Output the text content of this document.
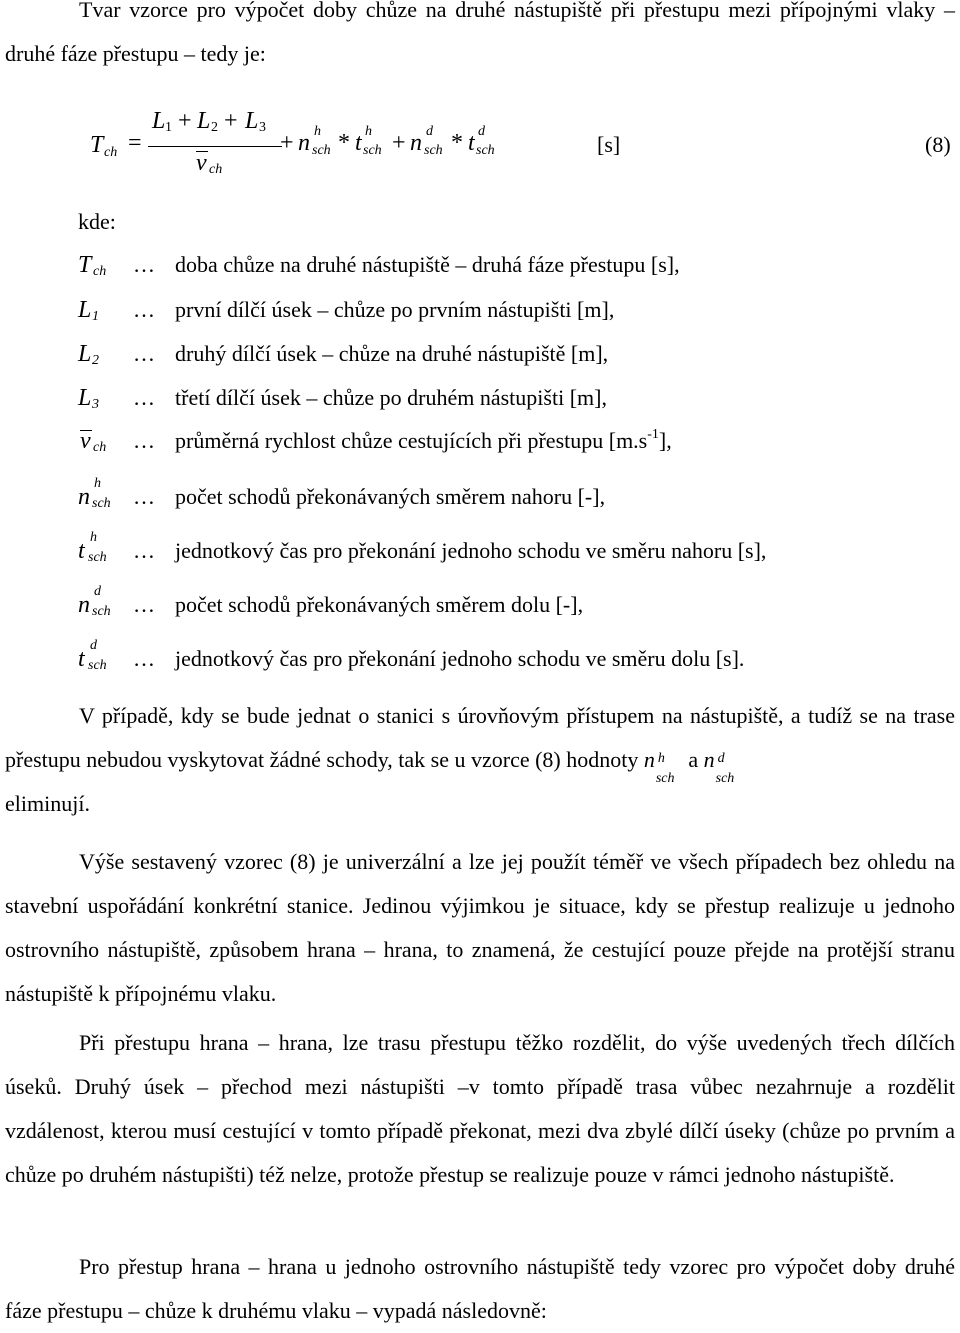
Tvar vzorce pro výpočet doby chůze na druhé nástupiště při přestupu mezi přípojnými vlaky – druhé fáze přestupu – tedy je:
T ch =
L 1 + L 2 + L 3
v ch
+ n h
sch * t h
sch + n d
sch * t d
sch	[s]	(8)
kde:
T ch … doba chůze na druhé nástupiště – druhá fáze přestupu [s],
L 1 … první dílčí úsek – chůze po prvním nástupišti [m],
L 2 … druhý dílčí úsek – chůze na druhé nástupiště [m],
L 3 … třetí dílčí úsek – chůze po druhém nástupišti [m],
v ch … průměrná rychlost chůze cestujících při přestupu $[m.s^{-1}]$,
n
h
sch … počet schodů překonávaných směrem nahoru [-],
t
h
sch … jednotkový čas pro překonání jednoho schodu ve směru nahoru [s],
n
d
sch … počet schodů překonávaných směrem dolu [-],
t
d
sch … jednotkový čas pro překonání jednoho schodu ve směru dolu [s].
V případě, kdy se bude jednat o stanici s úrovňovým přístupem na nástupiště, a tudíž se na trase přestupu nebudou vyskytovat žádné schody, tak se u vzorce (8) hodnoty n h
sch
a n d
sch

eliminují.
Výše sestavený vzorec (8) je univerzální a lze jej použít téměř ve všech případech bez ohledu na stavební uspořádání konkrétní stanice. Jedinou výjimkou je situace, kdy se přestup realizuje u jednoho ostrovního nástupiště, způsobem hrana – hrana, to znamená, že cestující pouze přejde na protější stranu nástupiště k přípojnému vlaku.
Při přestupu hrana – hrana, lze trasu přestupu těžko rozdělit, do výše uvedených třech dílčích úseků. Druhý úsek – přechod mezi nástupišti –v tomto případě trasa vůbec nezahrnuje a rozdělit vzdálenost, kterou musí cestující v tomto případě překonat, mezi dva zbylé dílčí úseky (chůze po prvním a chůze po druhém nástupišti) též nelze, protože přestup se realizuje pouze v rámci jednoho nástupiště.
Pro přestup hrana – hrana u jednoho ostrovního nástupiště tedy vzorec pro výpočet doby druhé fáze přestupu – chůze k druhému vlaku – vypadá následovně:
